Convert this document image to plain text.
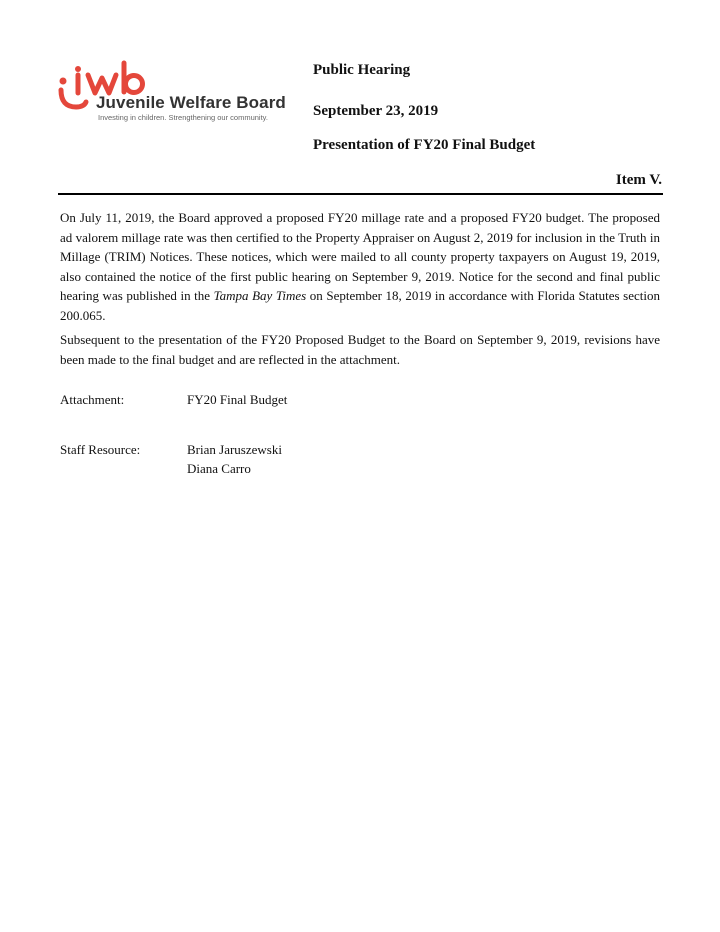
Juvenile Welfare Board
Investing in children. Strengthening our community.
Public Hearing
September 23, 2019
Presentation of FY20 Final Budget
Item V.
On July 11, 2019, the Board approved a proposed FY20 millage rate and a proposed FY20 budget. The proposed ad valorem millage rate was then certified to the Property Appraiser on August 2, 2019 for inclusion in the Truth in Millage (TRIM) Notices. These notices, which were mailed to all county property taxpayers on August 19, 2019, also contained the notice of the first public hearing on September 9, 2019. Notice for the second and final public hearing was published in the Tampa Bay Times on September 18, 2019 in accordance with Florida Statutes section 200.065.
Subsequent to the presentation of the FY20 Proposed Budget to the Board on September 9, 2019, revisions have been made to the final budget and are reflected in the attachment.
Attachment:	FY20 Final Budget
Staff Resource:	Brian Jaruszewski
Diana Carro
